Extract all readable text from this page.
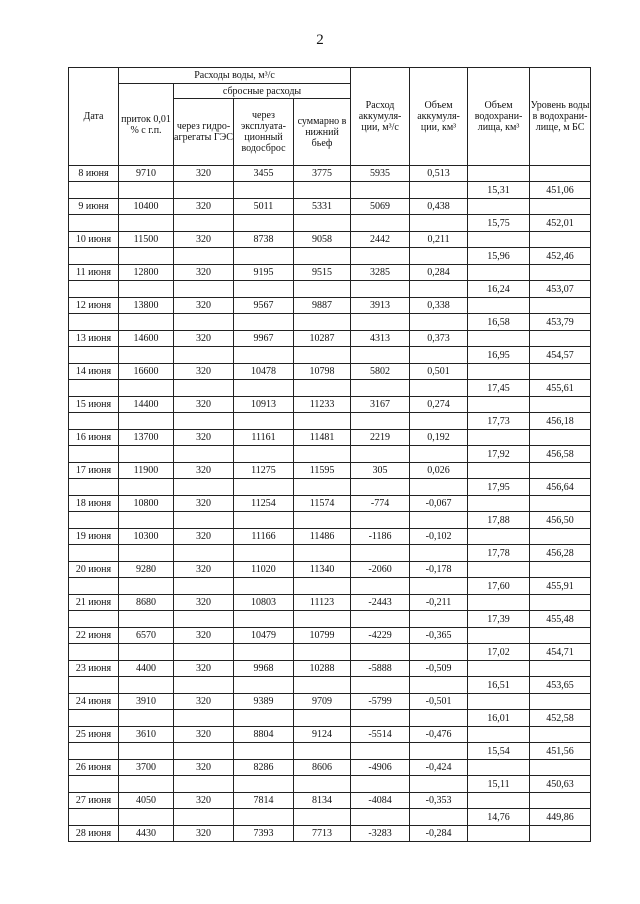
2
Дата	Расходы воды, м³/с				Расход аккумуля-ции, м³/с	Объем аккумуля-ции, км³	Объем водохрани-лища, км³	Уровень воды в водохрани-лище, м БС
	приток 0,01 % с г.п.	сбросные расходы						
		через гидро-агрегаты ГЭС	через эксплуата-ционный водосброс	суммарно в нижний бьеф				
8 июня	9710	320	3455	3775	5935	0,513		
							15,31	451,06
9 июня	10400	320	5011	5331	5069	0,438		
							15,75	452,01
10 июня	11500	320	8738	9058	2442	0,211		
							15,96	452,46
11 июня	12800	320	9195	9515	3285	0,284		
							16,24	453,07
12 июня	13800	320	9567	9887	3913	0,338		
							16,58	453,79
13 июня	14600	320	9967	10287	4313	0,373		
							16,95	454,57
14 июня	16600	320	10478	10798	5802	0,501		
							17,45	455,61
15 июня	14400	320	10913	11233	3167	0,274		
							17,73	456,18
16 июня	13700	320	11161	11481	2219	0,192		
							17,92	456,58
17 июня	11900	320	11275	11595	305	0,026		
							17,95	456,64
18 июня	10800	320	11254	11574	-774	-0,067		
							17,88	456,50
19 июня	10300	320	11166	11486	-1186	-0,102		
							17,78	456,28
20 июня	9280	320	11020	11340	-2060	-0,178		
							17,60	455,91
21 июня	8680	320	10803	11123	-2443	-0,211		
							17,39	455,48
22 июня	6570	320	10479	10799	-4229	-0,365		
							17,02	454,71
23 июня	4400	320	9968	10288	-5888	-0,509		
							16,51	453,65
24 июня	3910	320	9389	9709	-5799	-0,501		
							16,01	452,58
25 июня	3610	320	8804	9124	-5514	-0,476		
							15,54	451,56
26 июня	3700	320	8286	8606	-4906	-0,424		
							15,11	450,63
27 июня	4050	320	7814	8134	-4084	-0,353		
							14,76	449,86
28 июня	4430	320	7393	7713	-3283	-0,284		
